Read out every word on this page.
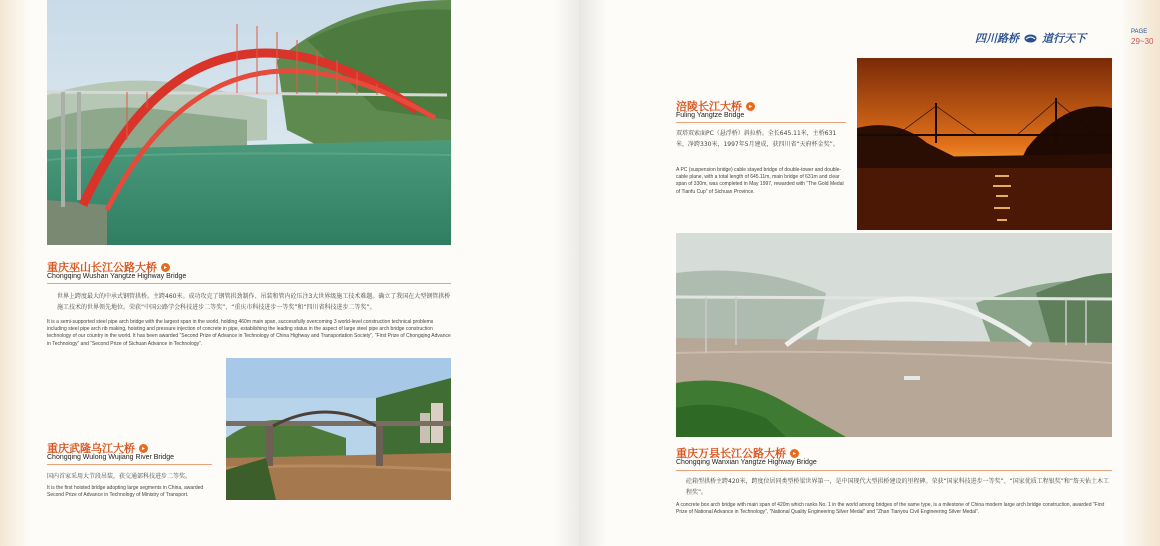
重庆巫山长江公路大桥	▸
Chongqing Wushan Yangtze Highway Bridge
世界上跨度最大的中承式钢管拱桥。主跨460米。成功攻克了钢管拱劲制作、吊装和管内砼压注3大世界级施工技术难题。确立了我国在大型钢管拱桥施工技术的世界领先地位。荣获“中国公路学会科技进步二等奖”、“重庆市科技进步一等奖”和“四川省科技进步二等奖”。
It is a semi-supported steel pipe arch bridge with the largest span in the world, holding 460m main span, successfully overcoming 3 world-level construction technical problems including steel pipe arch rib making, hoisting and pressure injection of concrete in pipe, establishing the leading status in the aspect of large steel pipe arch bridge construction technology of our country in the world. It has been awarded “Second Prize of Advance in Technology of China Highway and Transportation Society”, “First Prize of Chongqing Advance in Technology” and “Second Prize of Sichuan Advance in Technology”.
重庆武隆乌江大桥	▸
Chongqing Wulong Wujiang River Bridge
国内首家采用大节段吊装，获交通部科技进步二等奖。
It is the first hoisted bridge adopting large segments in China, awarded Second Prize of Advance in Technology of Ministry of Transport.
四川路桥 道行天下	PAGE
29~30
涪陵长江大桥	▸
Fuling Yangtze Bridge
双塔双索面PC（悬浮桥）斜拉桥。全长645.11米，主桥631米，净跨330米，1997年5月建成，获四川省“天府杯金奖”。
A PC (suspension bridge) cable stayed bridge of double-tower and double-cable plane, with a total length of 645.11m, main bridge of 631m and clear span of 330m, was completed in May 1997, rewarded with “The Gold Medal of Tianfu Cup” of Sichuan Province.
重庆万县长江公路大桥	▸
Chongqing Wanxian Yangtze Highway Bridge
砼箱型拱桥主跨420米，跨度位居同类型桥梁世界第一，是中国现代大型拱桥建设的里程碑。荣获“国家科技进步一等奖”、“国家优质工程银奖”和“詹天佑土木工程奖”。
A concrete box arch bridge with main span of 420m which ranks No. 1 in the world among bridges of the same type, is a milestone of China modern large arch bridge construction, awarded “First Prize of National Advance in Technology”, “National Quality Engineering Silver Medal” and “Zhan Tianyou Civil Engineering Silver Medal”.
